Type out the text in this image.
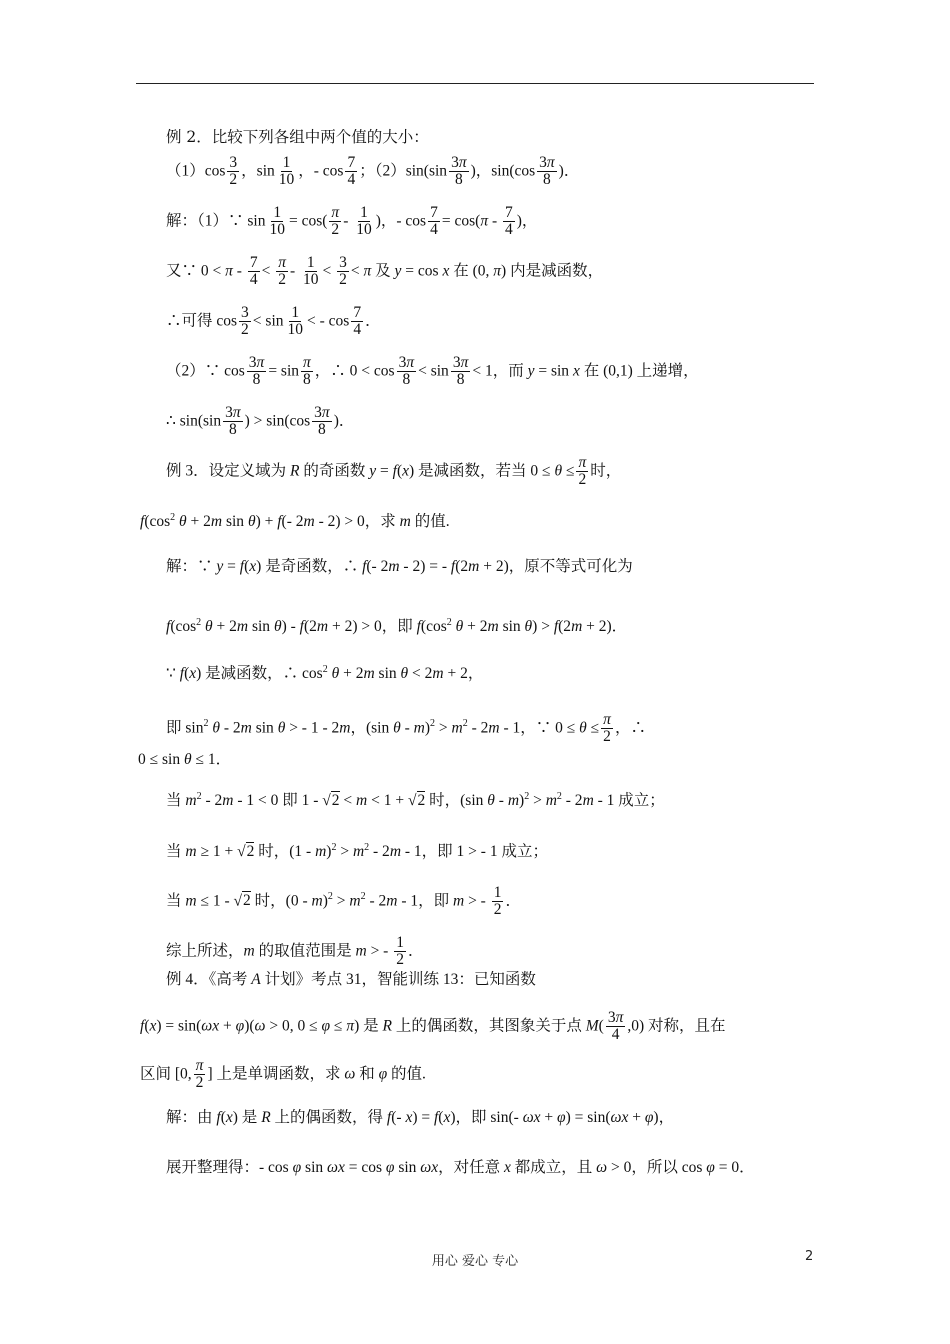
例 2．比较下列各组中两个值的大小：
$(1)\cos \frac{3}{2}$ ，$\sin \frac{1}{10}$ ，- $\cos \frac{7}{4}$ ；$(2)\sin(\sin \frac{3\pi}{8}$ )，$\sin(\cos \frac{3\pi}{8}$ )．
解：（1）∵ $\sin \frac{1}{10} = \cos( \frac{\pi}{2} - \frac{1}{10}$ )，- $\cos \frac{7}{4} = \cos(\pi - \frac{7}{4}$ )，
又∵ $0 < \pi - \frac{7}{4} < \frac{\pi}{2} - \frac{1}{10} < \frac{3}{2} < \pi$ 及 y = cos x 在 (0, π) 内是减函数，
∴可得 $\cos \frac{3}{2} < \sin \frac{1}{10}$ < - $\cos \frac{7}{4}$ ．
（2）∵ $\cos \frac{3\pi}{8} = \sin \frac{\pi}{8}$ ，∴ $0 < \cos \frac{3\pi}{8} < \sin \frac{3\pi}{8} < 1$，而 y = sin x 在 (0,1) 上递增，
∴ $\sin(\sin \frac{3\pi}{8}$ ) > $\sin(\cos \frac{3\pi}{8}$ )．
例 3．设定义域为 R 的奇函数 y = f(x) 是减函数，若当 $0 \le \theta \le \frac{\pi}{2}$ 时，
$f(\cos^2$ θ + 2m sin θ) + f(- 2m - 2) > 0，求 m 的值.
解：∵ y = f(x) 是奇函数，∴ f(- 2m - 2) = - f(2m + 2)，原不等式可化为
$f(\cos^2$ θ + 2m sin θ) - f(2m + 2) > 0，即 $f(\cos^2$ θ + 2m sin θ) > f(2m + 2)．
∵ f(x) 是减函数，∴ $\cos^2 \theta + 2m$ sin θ < 2m + 2，
即 $\sin^2 \theta - 2m$ sin θ > - 1 - 2m，(sin $\theta - m)^2 > m^2 - 2m - 1$，∵ $0 \le \theta \le \frac{\pi}{2}$ ，∴
0 ≤ sin θ ≤ 1．
当 $m^2 - 2m - 1 < 0$ 即 1 - √2 < m < 1 + √2 时，(sin $\theta - m)^2 > m^2 - 2m - 1$ 成立；
当 m ≥ 1 + √2 时，$(1 - m)^2 > m^2 - 2m - 1$，即 1 > - 1 成立；
当 m ≤ 1 - √2 时，$(0 - m)^2 > m^2 - 2m - 1$，即 m > - $\frac{1}{2}$ ．
综上所述，m 的取值范围是 m > - $\frac{1}{2}$ ．
例 4．《高考 A 计划》考点 31，智能训练 13：已知函数
f(x) = sin(ωx + φ)(ω > 0, 0 ≤ φ ≤ π) 是 R 上的偶函数，其图象关于点 $M( \frac{3\pi}{4} ,0)$ 对称，且在
区间 [0, $\frac{\pi}{2}$ ] 上是单调函数，求 ω 和 φ 的值.
解：由 f(x) 是 R 上的偶函数，得 f(- x) = f(x)，即 sin(- ωx + φ) = sin(ωx + φ)，
展开整理得：- cos φ sin ωx = cos φ sin ωx，对任意 x 都成立，且 ω > 0，所以 cos φ = 0．
用心 爱心 专心	2
